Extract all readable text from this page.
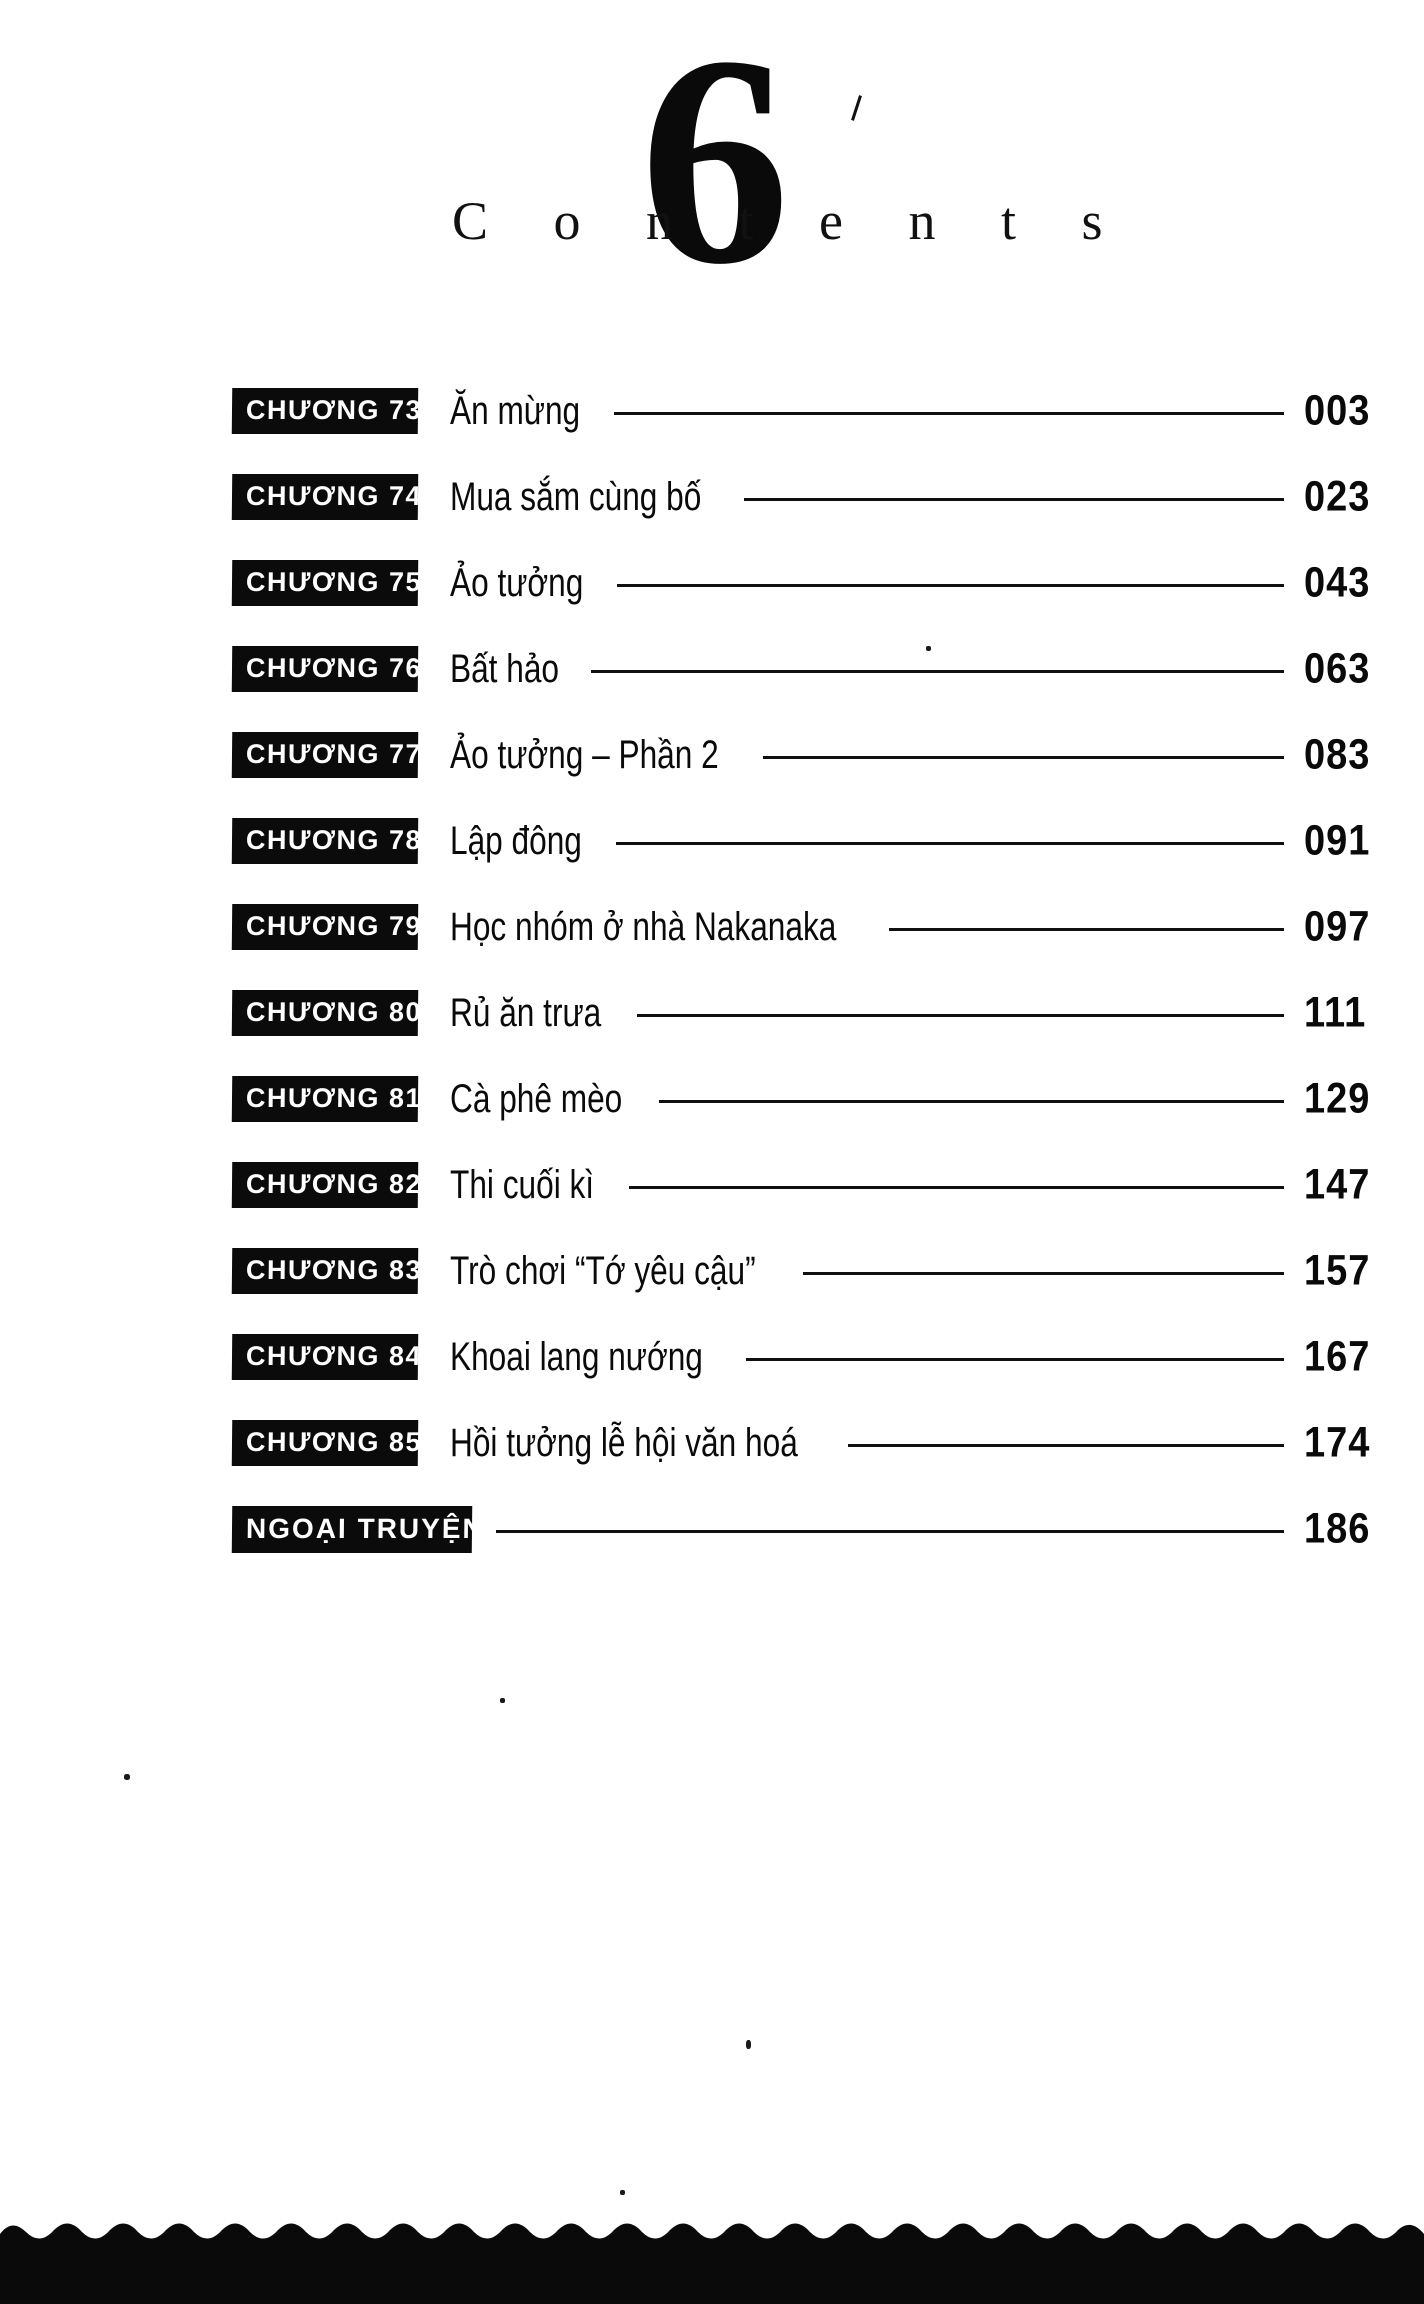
6
C o n t e n t s
CHƯƠNG 73 Ăn mừng	003
CHƯƠNG 74 Mua sắm cùng bố	023
CHƯƠNG 75 Ảo tưởng	043
CHƯƠNG 76 Bất hảo	063
CHƯƠNG 77 Ảo tưởng – Phần 2	083
CHƯƠNG 78 Lập đông	091
CHƯƠNG 79 Học nhóm ở nhà Nakanaka	097
CHƯƠNG 80 Rủ ăn trưa	111
CHƯƠNG 81 Cà phê mèo	129
CHƯƠNG 82 Thi cuối kì	147
CHƯƠNG 83 Trò chơi “Tớ yêu cậu”	157
CHƯƠNG 84 Khoai lang nướng	167
CHƯƠNG 85 Hồi tưởng lễ hội văn hoá	174
NGOẠI TRUYỆN	186
